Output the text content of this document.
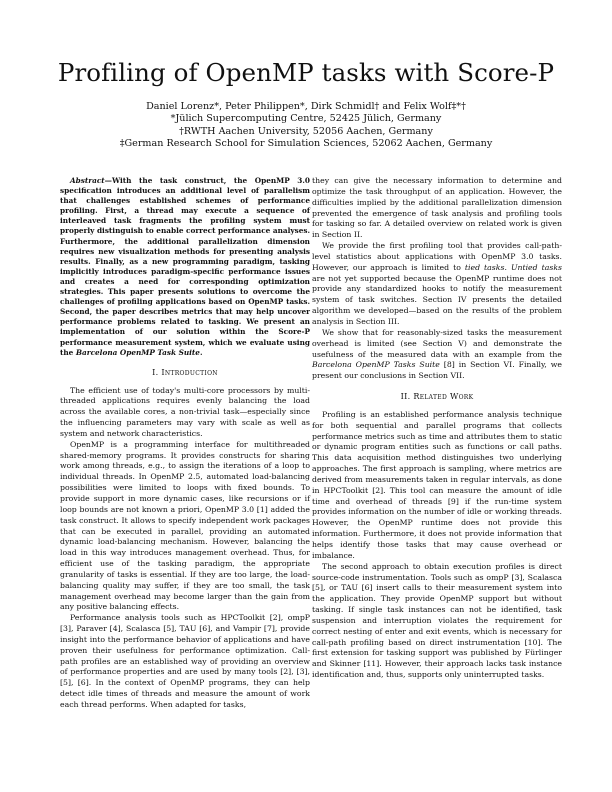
Profiling of OpenMP tasks with Score-P
Daniel Lorenz*, Peter Philippen*, Dirk Schmidl† and Felix Wolf‡*†
*Jülich Supercomputing Centre, 52425 Jülich, Germany
†RWTH Aachen University, 52056 Aachen, Germany
‡German Research School for Simulation Sciences, 52062 Aachen, Germany

Abstract—With the task construct, the OpenMP 3.0 specification introduces an additional level of parallelism that challenges established schemes of performance profiling. First, a thread may execute a sequence of interleaved task fragments the profiling system must properly distinguish to enable correct performance analyses. Furthermore, the additional parallelization dimension requires new visualization methods for presenting analysis results. Finally, as a new programming paradigm, tasking implicitly introduces paradigm-specific performance issues and creates a need for corresponding optimization strategies. This paper presents solutions to overcome the challenges of profiling applications based on OpenMP tasks. Second, the paper describes metrics that may help uncover performance problems related to tasking. We present an implementation of our solution within the Score-P performance measurement system, which we evaluate using the Barcelona OpenMP Task Suite.

I. Introduction

The efficient use of today's multi-core processors by multi-threaded applications requires evenly balancing the load across the available cores, a non-trivial task—especially since the influencing parameters may vary with scale as well as system and network characteristics.

OpenMP is a programming interface for multithreaded shared-memory programs. It provides constructs for sharing work among threads, e.g., to assign the iterations of a loop to individual threads. In OpenMP 2.5, automated load-balancing possibilities were limited to loops with fixed bounds. To provide support in more dynamic cases, like recursions or if loop bounds are not known a priori, OpenMP 3.0 [1] added the task construct. It allows to specify independent work packages that can be executed in parallel, providing an automated dynamic load-balancing mechanism. However, balancing the load in this way introduces management overhead. Thus, for efficient use of the tasking paradigm, the appropriate granularity of tasks is essential. If they are too large, the load-balancing quality may suffer, if they are too small, the task management overhead may become larger than the gain from any positive balancing effects.

Performance analysis tools such as HPCToolkit [2], ompP [3], Paraver [4], Scalasca [5], TAU [6], and Vampir [7], provide insight into the performance behavior of applications and have proven their usefulness for performance optimization. Call-path profiles are an established way of providing an overview of performance properties and are used by many tools [2], [3], [5], [6]. In the context of OpenMP programs, they can help detect idle times of threads and measure the amount of work each thread performs. When adapted for tasks,

they can give the necessary information to determine and optimize the task throughput of an application. However, the difficulties implied by the additional parallelization dimension prevented the emergence of task analysis and profiling tools for tasking so far. A detailed overview on related work is given in Section II.

We provide the first profiling tool that provides call-path-level statistics about applications with OpenMP 3.0 tasks. However, our approach is limited to tied tasks. Untied tasks are not yet supported because the OpenMP runtime does not provide any standardized hooks to notify the measurement system of task switches. Section IV presents the detailed algorithm we developed—based on the results of the problem analysis in Section III.

We show that for reasonably-sized tasks the measurement overhead is limited (see Section V) and demonstrate the usefulness of the measured data with an example from the Barcelona OpenMP Tasks Suite [8] in Section VI. Finally, we present our conclusions in Section VII.

II. Related Work

Profiling is an established performance analysis technique for both sequential and parallel programs that collects performance metrics such as time and attributes them to static or dynamic program entities such as functions or call paths. This data acquisition method distinguishes two underlying approaches. The first approach is sampling, where metrics are derived from measurements taken in regular intervals, as done in HPCToolkit [2]. This tool can measure the amount of idle time and overhead of threads [9] if the run-time system provides information on the number of idle or working threads. However, the OpenMP runtime does not provide this information. Furthermore, it does not provide information that helps identify those tasks that may cause overhead or imbalance.

The second approach to obtain execution profiles is direct source-code instrumentation. Tools such as ompP [3], Scalasca [5], or TAU [6] insert calls to their measurement system into the application. They provide OpenMP support but without tasking. If single task instances can not be identified, task suspension and interruption violates the requirement for correct nesting of enter and exit events, which is necessary for call-path profiling based on direct instrumentation [10]. The first extension for tasking support was published by Fürlinger and Skinner [11]. However, their approach lacks task instance identification and, thus, supports only uninterrupted tasks.
